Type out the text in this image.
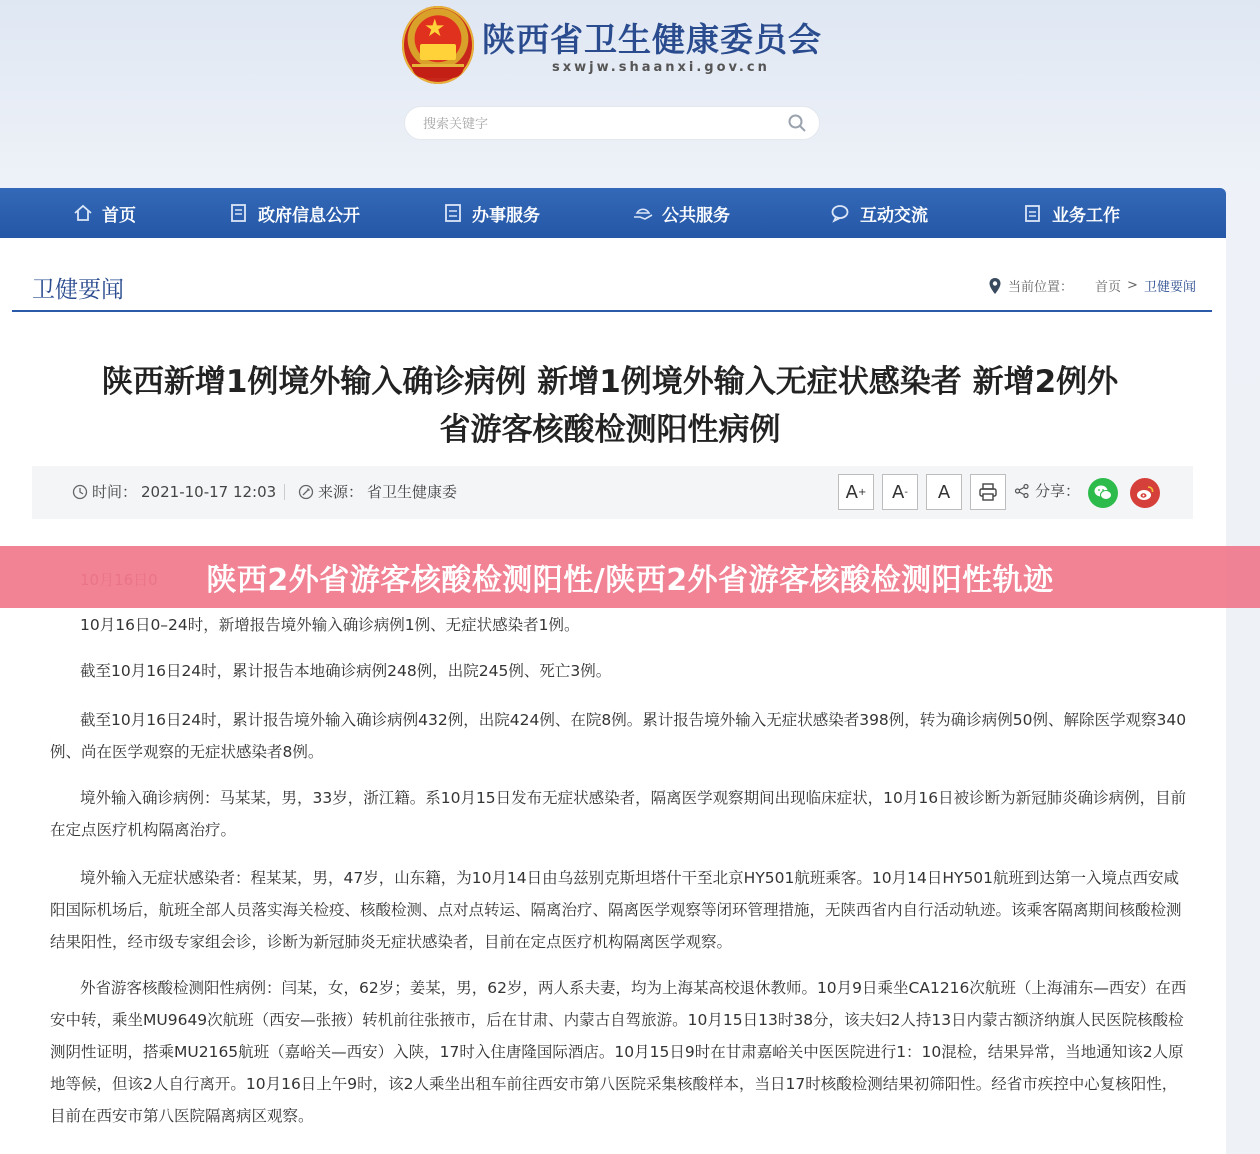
★ 陕西省卫生健康委员会
sxwjw.shaanxi.gov.cn
搜索关键字
首页	政府信息公开	办事服务	公共服务	互动交流	业务工作
卫健要闻	当前位置： 首页 > 卫健要闻
陕西新增1例境外输入确诊病例 新增1例境外输入无症状感染者 新增2例外
省游客核酸检测阳性病例
时间： 2021-10-17 12:03	来源： 省卫生健康委	A + A - A	分享：
10月16日0–24时，新增报告境外输入确诊病例1例、无症状感染者1例。
截至10月16日24时，累计报告本地确诊病例248例，出院245例、死亡3例。
截至10月16日24时，累计报告境外输入确诊病例432例，出院424例、在院8例。累计报告境外输入无症状感染者398例，转为确诊病例50例、解除医学观察340例、尚在医学观察的无症状感染者8例。
境外输入确诊病例：马某某，男，33岁，浙江籍。系10月15日发布无症状感染者，隔离医学观察期间出现临床症状，10月16日被诊断为新冠肺炎确诊病例，目前在定点医疗机构隔离治疗。
境外输入无症状感染者：程某某，男，47岁，山东籍，为10月14日由乌兹别克斯坦塔什干至北京HY501航班乘客。10月14日HY501航班到达第一入境点西安咸阳国际机场后，航班全部人员落实海关检疫、核酸检测、点对点转运、隔离治疗、隔离医学观察等闭环管理措施，无陕西省内自行活动轨迹。该乘客隔离期间核酸检测结果阳性，经市级专家组会诊，诊断为新冠肺炎无症状感染者，目前在定点医疗机构隔离医学观察。
外省游客核酸检测阳性病例：闫某，女，62岁；姜某，男，62岁，两人系夫妻，均为上海某高校退休教师。10月9日乘坐CA1216次航班（上海浦东—西安）在西安中转，乘坐MU9649次航班（西安—张掖）转机前往张掖市，后在甘肃、内蒙古自驾旅游。10月15日13时38分，该夫妇2人持13日内蒙古额济纳旗人民医院核酸检测阴性证明，搭乘MU2165航班（嘉峪关—西安）入陕，17时入住唐隆国际酒店。10月15日9时在甘肃嘉峪关中医医院进行1：10混检，结果异常，当地通知该2人原地等候，但该2人自行离开。10月16日上午9时，该2人乘坐出租车前往西安市第八医院采集核酸样本，当日17时核酸检测结果初筛阳性。经省市疾控中心复核阳性，目前在西安市第八医院隔离病区观察。
陕西2外省游客核酸检测阳性/陕西2外省游客核酸检测阳性轨迹
